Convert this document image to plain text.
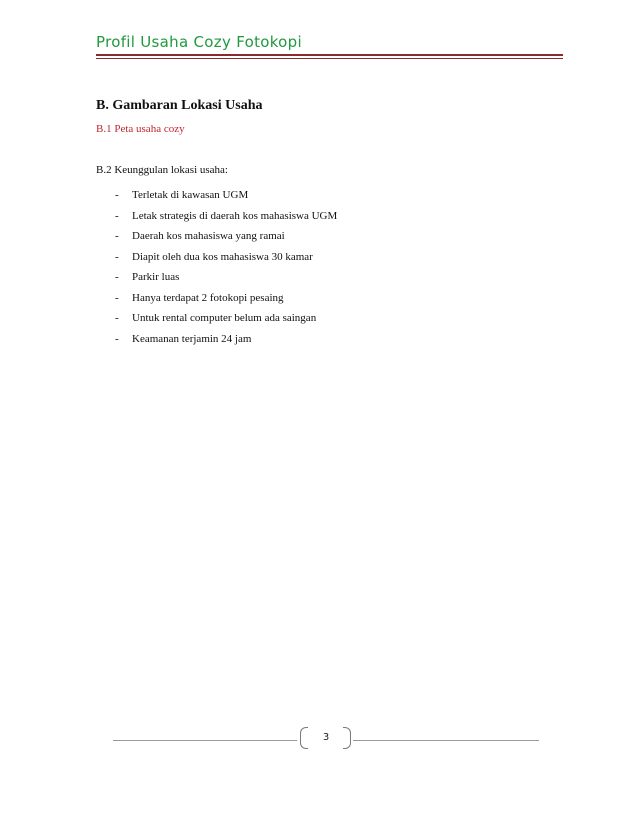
Profil Usaha Cozy Fotokopi
B. Gambaran Lokasi Usaha
B.1 Peta usaha cozy
B.2 Keunggulan lokasi usaha:
-	Terletak di kawasan UGM
-	Letak strategis di daerah kos mahasiswa UGM
-	Daerah kos mahasiswa yang ramai
-	Diapit oleh dua kos mahasiswa 30 kamar
-	Parkir luas
-	Hanya terdapat 2 fotokopi pesaing
-	Untuk rental computer belum ada saingan
-	Keamanan terjamin 24 jam
3
